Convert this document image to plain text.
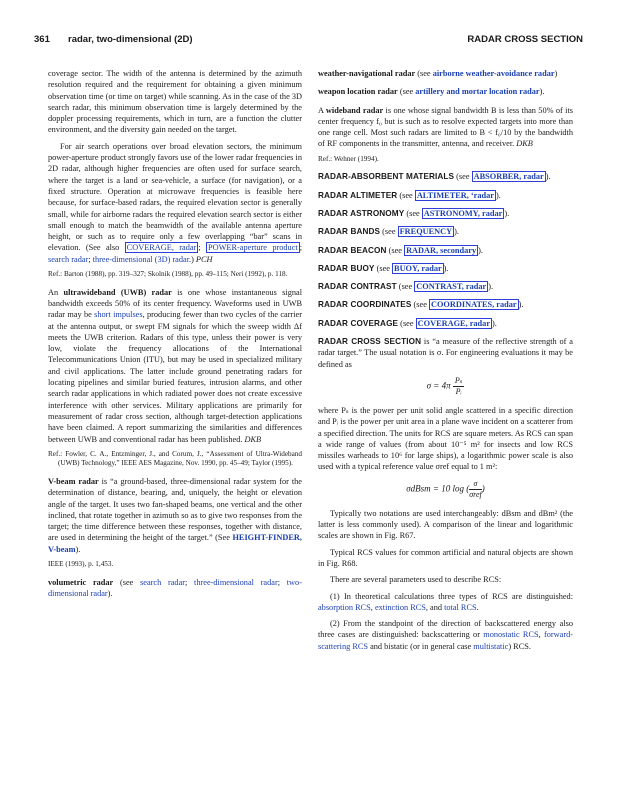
361 radar, two-dimensional (2D)	RADAR CROSS SECTION

coverage sector. The width of the antenna is determined by the azimuth resolution required and the requirement for obtaining a given minimum observation time (or time on target) while scanning. As in the case of the 3D search radar, this minimum observation time is largely determined by the doppler processing requirements, which in turn, are a function the clutter environment, and the diversity gain needed on the target.

For air search operations over broad elevation sectors, the minimum power-aperture product strongly favors use of the lower radar frequencies in 2D radar, although higher frequencies are often used for surface search, where the target is a land or sea-vehicle, a surface (for navigation), or a fixed structure. Operation at microwave frequencies is feasible here because, for surface-based radars, the required elevation sector is generally small, while for airborne radars the required elevation search sector is either small enough to match the beamwidth of the available antenna aperture height, or such as to require only a few overlapping “bar” scans in elevation. (See also COVERAGE, radar ; POWER-aperture product ; search radar; three-dimensional (3D) radar.) PCH

Ref.: Barton (1988), pp. 319–327; Skolnik (1988), pp. 49–115; Neri (1992), p. 118.

An ultrawideband (UWB) radar is one whose instantaneous signal bandwidth exceeds 50% of its center frequency. Waveforms used in UWB radar may be short impulses, producing fewer than two cycles of the carrier at the antenna output, or swept FM signals for which the sweep width Δf meets the UWB criterion. Radars of this type, unless their power is very low, violate the frequency allocations of the International Telecommunications Union (ITU), but may be used in specialized military and civil applications. The latter include ground penetrating radars for locating pipelines and similar buried features, intrusion alarms, and other search radar applications in which radiated power does not create excessive interference with other services. Military applications are primarily for measurement of radar cross section, although target-detection applications have been claimed. A report summarizing the similarities and differences between UWB and conventional radar has been published. DKB

Ref.: Fowler, C. A., Entzminger, J., and Corum, J., “Assessment of Ultra-Wideband (UWB) Technology,” IEEE AES Magazine, Nov. 1990, pp. 45–49; Taylor (1995).

V-beam radar is “a ground-based, three-dimensional radar system for the determination of distance, bearing, and, uniquely, the height or elevation angle of the target. It uses two fan-shaped beams, one vertical and the other inclined, that rotate together in azimuth so as to give two responses from the target; the time difference between these responses, together with distance, are used in determining the height of the target.” (See HEIGHT-FINDER, V-beam).

IEEE (1993), p. 1,453.

volumetric radar (see search radar; three-dimensional radar; two-dimensional radar).

weather-navigational radar (see airborne weather-avoidance radar)

weapon location radar (see artillery and mortar location radar).

A wideband radar is one whose signal bandwidth B is less than 50% of its center frequency f₀ but is such as to resolve expected targets into more than one range cell. Most such radars are limited to B < f₀/10 by the bandwidth of RF components in the transmitter, antenna, and receiver. DKB

Ref.: Wehner (1994).

RADAR-ABSORBENT MATERIALS (see ABSORBER, radar ).

RADAR ALTIMETER (see ALTIMETER, ‘radar ).

RADAR ASTRONOMY (see ASTRONOMY, radar ).

RADAR BANDS (see FREQUENCY ).

RADAR BEACON (see RADAR, secondary ).

RADAR BUOY (see BUOY, radar ).

RADAR CONTRAST (see CONTRAST, radar ).

RADAR COORDINATES (see COORDINATES, radar ).

RADAR COVERAGE (see COVERAGE, radar ).

RADAR CROSS SECTION is “a measure of the reflective strength of a radar target.” The usual notation is σ. For engineering evaluations it may be defined as

$\sigma = 4\pi \frac{\text{Pₛ}}{\text{Pᵢ}}$

where Pₛ is the power per unit solid angle scattered in a specific direction and Pᵢ is the power per unit area in a plane wave incident on a scatterer from a specified direction. The units for RCS are square meters. As RCS can span a wide range of values (from about 10⁻⁵ m² for insects and low RCS missiles warheads to 10⁶ for large ships), a logarithmic power scale is also used with a typical reference value σref equal to 1 m²:

σdBsm = 10 log ( $\frac{\sigma}{\text{σref}}$ )

Typically two notations are used interchangeably: dBsm and dBm² (the latter is less commonly used). A comparison of the linear and logarithmic scales are shown in Fig. R67.

Typical RCS values for common artificial and natural objects are shown in Fig. R68.

There are several parameters used to describe RCS:

(1) In theoretical calculations three types of RCS are distinguished: absorption RCS, extinction RCS, and total RCS.

(2) From the standpoint of the direction of backscattered energy also three cases are distinguished: backscattering or monostatic RCS, forward-scattering RCS and bistatic (or in general case multistatic) RCS.
